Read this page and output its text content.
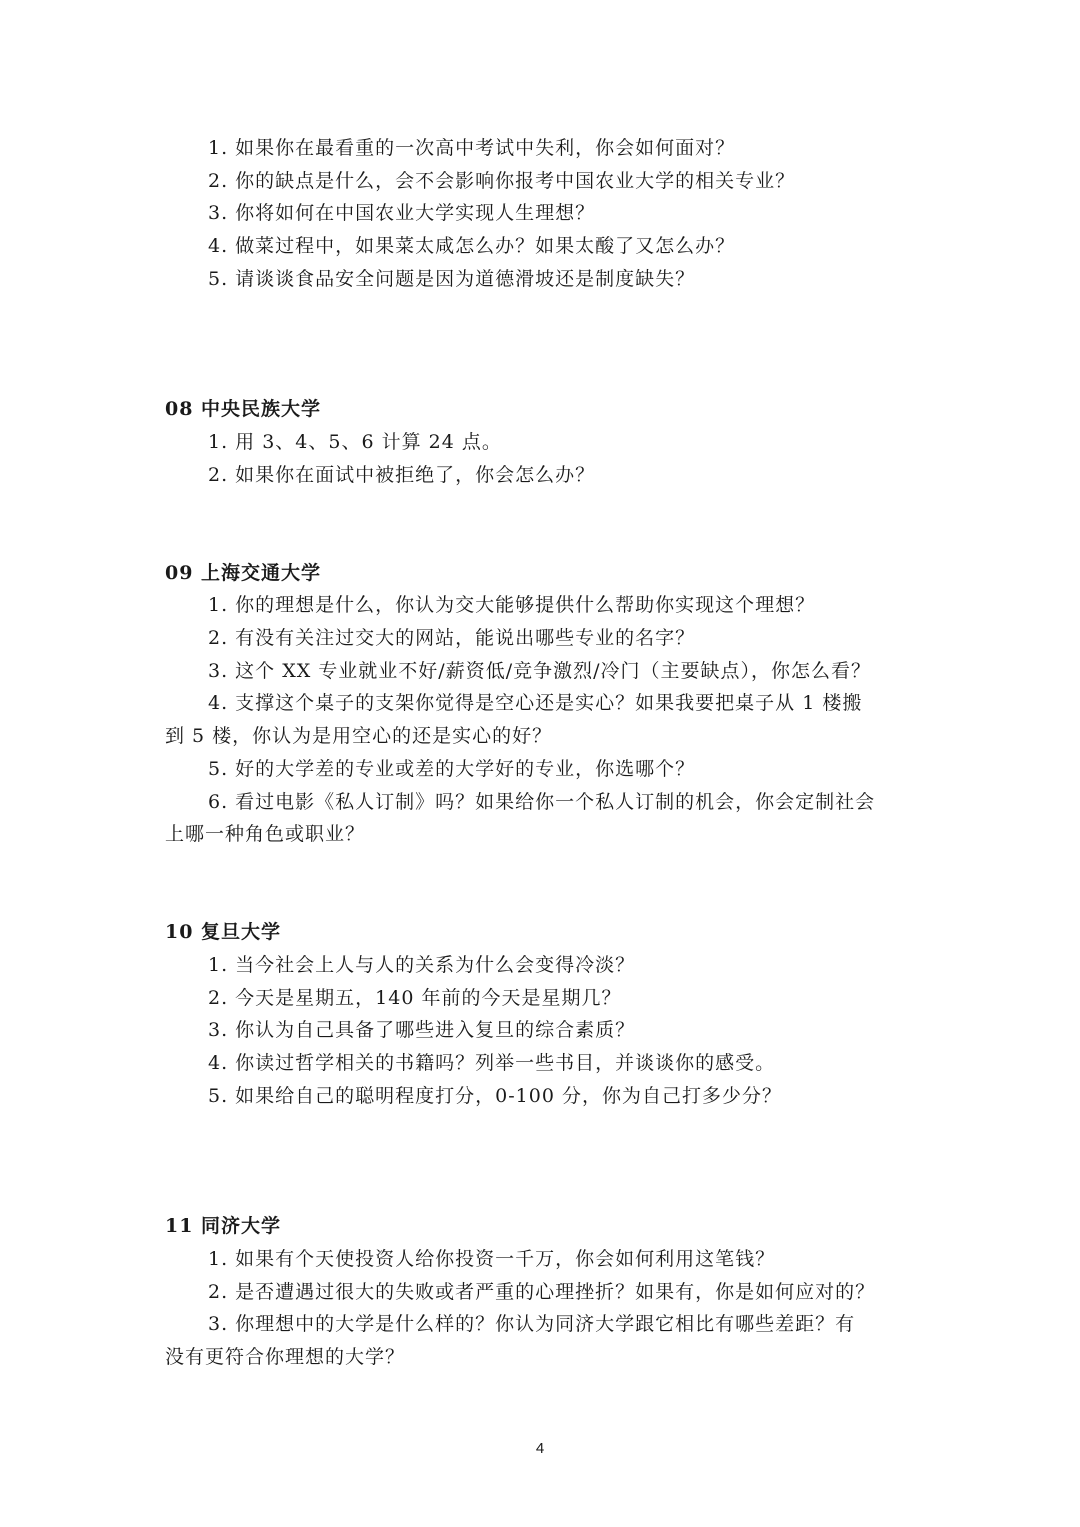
1. 如果你在最看重的一次高中考试中失利，你会如何面对？
2. 你的缺点是什么，会不会影响你报考中国农业大学的相关专业？
3. 你将如何在中国农业大学实现人生理想？
4. 做菜过程中，如果菜太咸怎么办？如果太酸了又怎么办？
5. 请谈谈食品安全问题是因为道德滑坡还是制度缺失？
08 中央民族大学
1. 用 3、4、5、6 计算 24 点。
2. 如果你在面试中被拒绝了，你会怎么办？
09 上海交通大学
1. 你的理想是什么，你认为交大能够提供什么帮助你实现这个理想？
2. 有没有关注过交大的网站，能说出哪些专业的名字？
3. 这个 XX 专业就业不好/薪资低/竞争激烈/冷门（主要缺点），你怎么看？
4. 支撑这个桌子的支架你觉得是空心还是实心？如果我要把桌子从 1 楼搬
到 5 楼，你认为是用空心的还是实心的好？
5. 好的大学差的专业或差的大学好的专业，你选哪个？
6. 看过电影《私人订制》吗？如果给你一个私人订制的机会，你会定制社会
上哪一种角色或职业？
10 复旦大学
1. 当今社会上人与人的关系为什么会变得冷淡？
2. 今天是星期五，140 年前的今天是星期几？
3. 你认为自己具备了哪些进入复旦的综合素质？
4. 你读过哲学相关的书籍吗？列举一些书目，并谈谈你的感受。
5. 如果给自己的聪明程度打分，0-100 分，你为自己打多少分？
11 同济大学
1. 如果有个天使投资人给你投资一千万，你会如何利用这笔钱？
2. 是否遭遇过很大的失败或者严重的心理挫折？如果有，你是如何应对的？
3. 你理想中的大学是什么样的？你认为同济大学跟它相比有哪些差距？有
没有更符合你理想的大学？
4
